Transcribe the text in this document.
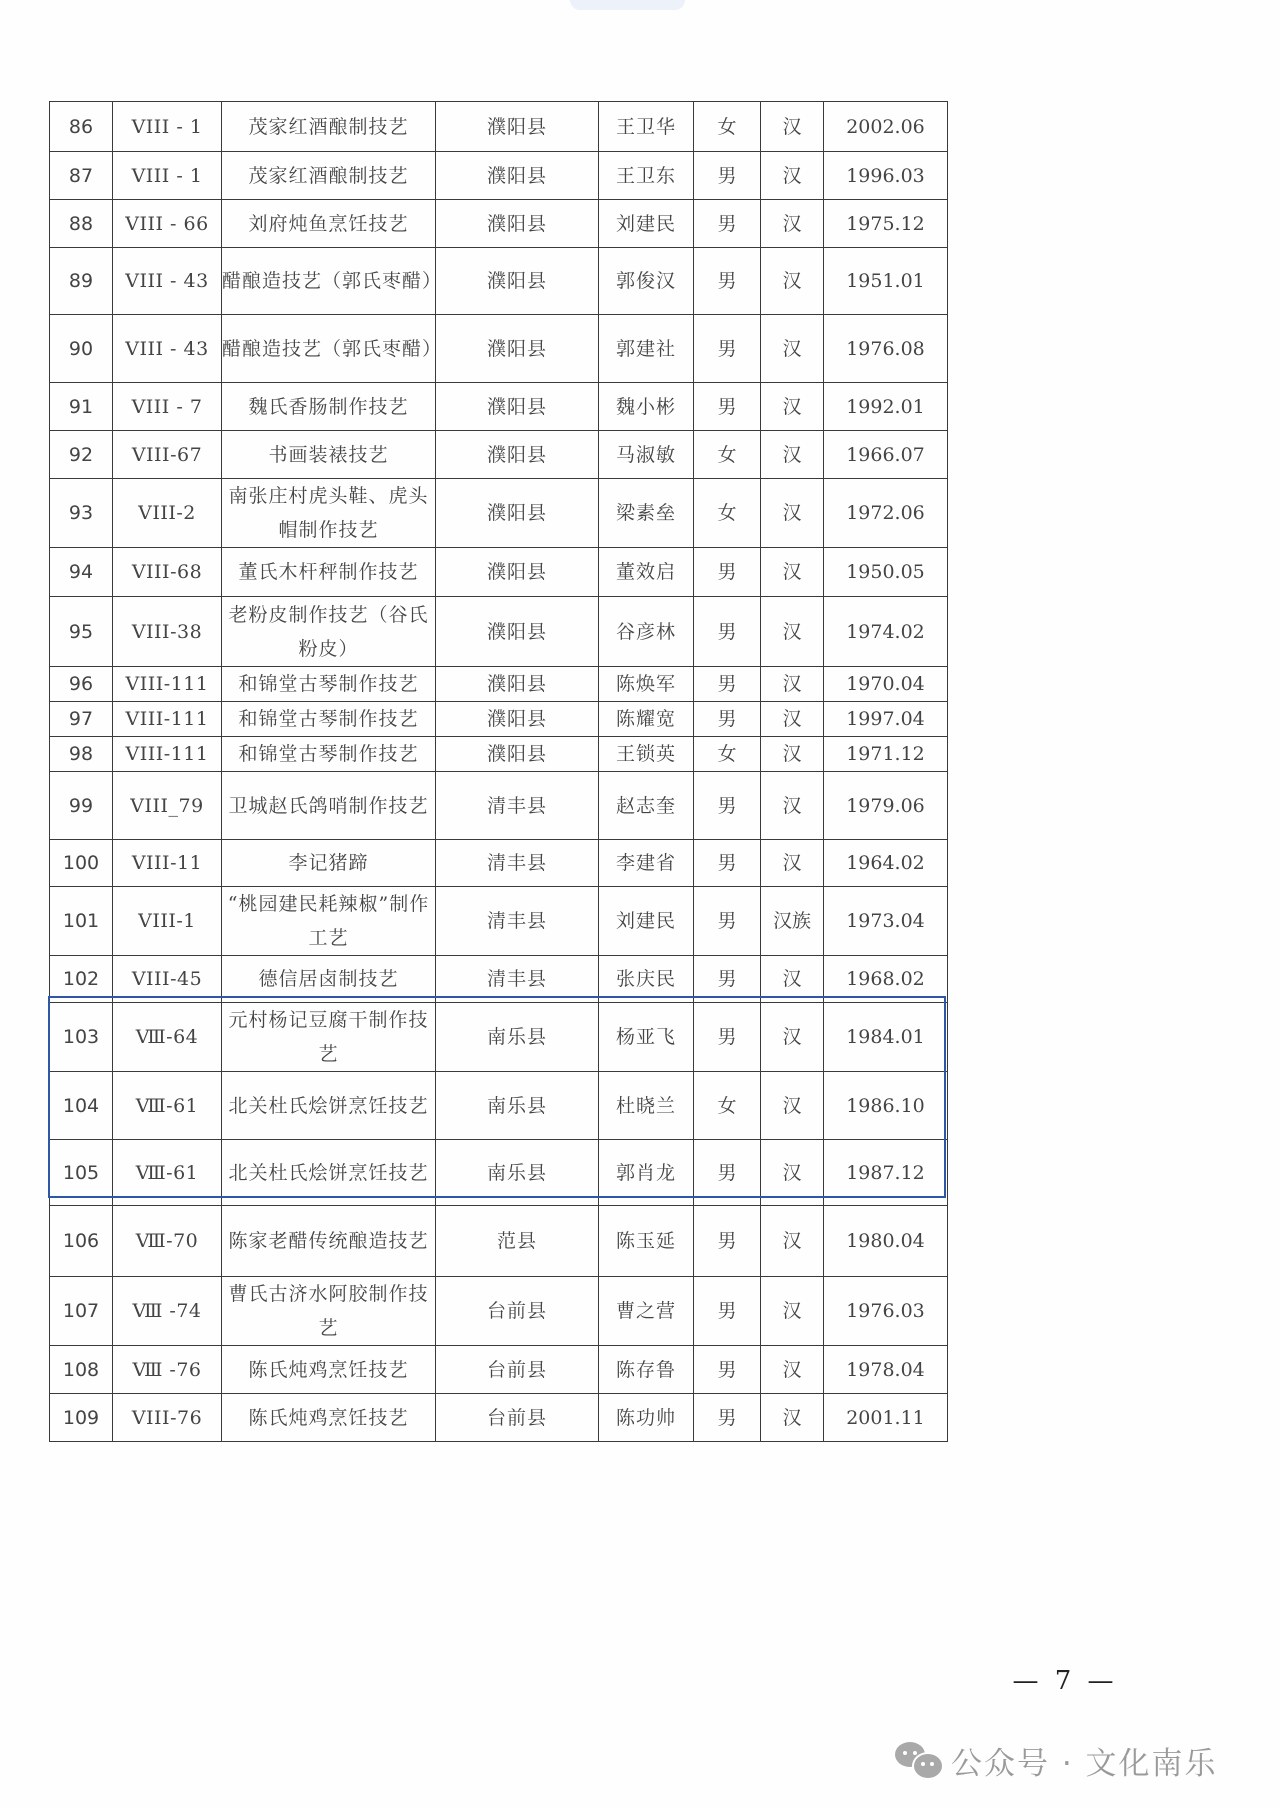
86	VIII - 1	茂家红酒酿制技艺	濮阳县	王卫华	女	汉	2002.06
87	VIII - 1	茂家红酒酿制技艺	濮阳县	王卫东	男	汉	1996.03
88	VIII - 66	刘府炖鱼烹饪技艺	濮阳县	刘建民	男	汉	1975.12
89	VIII - 43	醋酿造技艺（郭氏枣醋）	濮阳县	郭俊汉	男	汉	1951.01
90	VIII - 43	醋酿造技艺（郭氏枣醋）	濮阳县	郭建社	男	汉	1976.08
91	VIII - 7	魏氏香肠制作技艺	濮阳县	魏小彬	男	汉	1992.01
92	VIII-67	书画装裱技艺	濮阳县	马淑敏	女	汉	1966.07
93	VIII-2	南张庄村虎头鞋、虎头帽制作技艺	濮阳县	梁素垒	女	汉	1972.06
94	VIII-68	董氏木杆秤制作技艺	濮阳县	董效启	男	汉	1950.05
95	VIII-38	老粉皮制作技艺（谷氏粉皮）	濮阳县	谷彦林	男	汉	1974.02
96	VIII-111	和锦堂古琴制作技艺	濮阳县	陈焕军	男	汉	1970.04
97	VIII-111	和锦堂古琴制作技艺	濮阳县	陈耀宽	男	汉	1997.04
98	VIII-111	和锦堂古琴制作技艺	濮阳县	王锁英	女	汉	1971.12
99	VIII_79	卫城赵氏鸽哨制作技艺	清丰县	赵志奎	男	汉	1979.06
100	VIII-11	李记猪蹄	清丰县	李建省	男	汉	1964.02
101	VIII-1	“桃园建民耗辣椒”制作工艺	清丰县	刘建民	男	汉族	1973.04
102	VIII-45	德信居卤制技艺	清丰县	张庆民	男	汉	1968.02
103	Ⅷ-64	元村杨记豆腐干制作技艺	南乐县	杨亚飞	男	汉	1984.01
104	Ⅷ-61	北关杜氏烩饼烹饪技艺	南乐县	杜晓兰	女	汉	1986.10
105	Ⅷ-61	北关杜氏烩饼烹饪技艺	南乐县	郭肖龙	男	汉	1987.12
106	Ⅷ-70	陈家老醋传统酿造技艺	范县	陈玉延	男	汉	1980.04
107	Ⅷ -74	曹氏古济水阿胶制作技艺	台前县	曹之营	男	汉	1976.03
108	Ⅷ -76	陈氏炖鸡烹饪技艺	台前县	陈存鲁	男	汉	1978.04
109	VIII-76	陈氏炖鸡烹饪技艺	台前县	陈功帅	男	汉	2001.11
— 7 —
公众号 · 文化南乐
